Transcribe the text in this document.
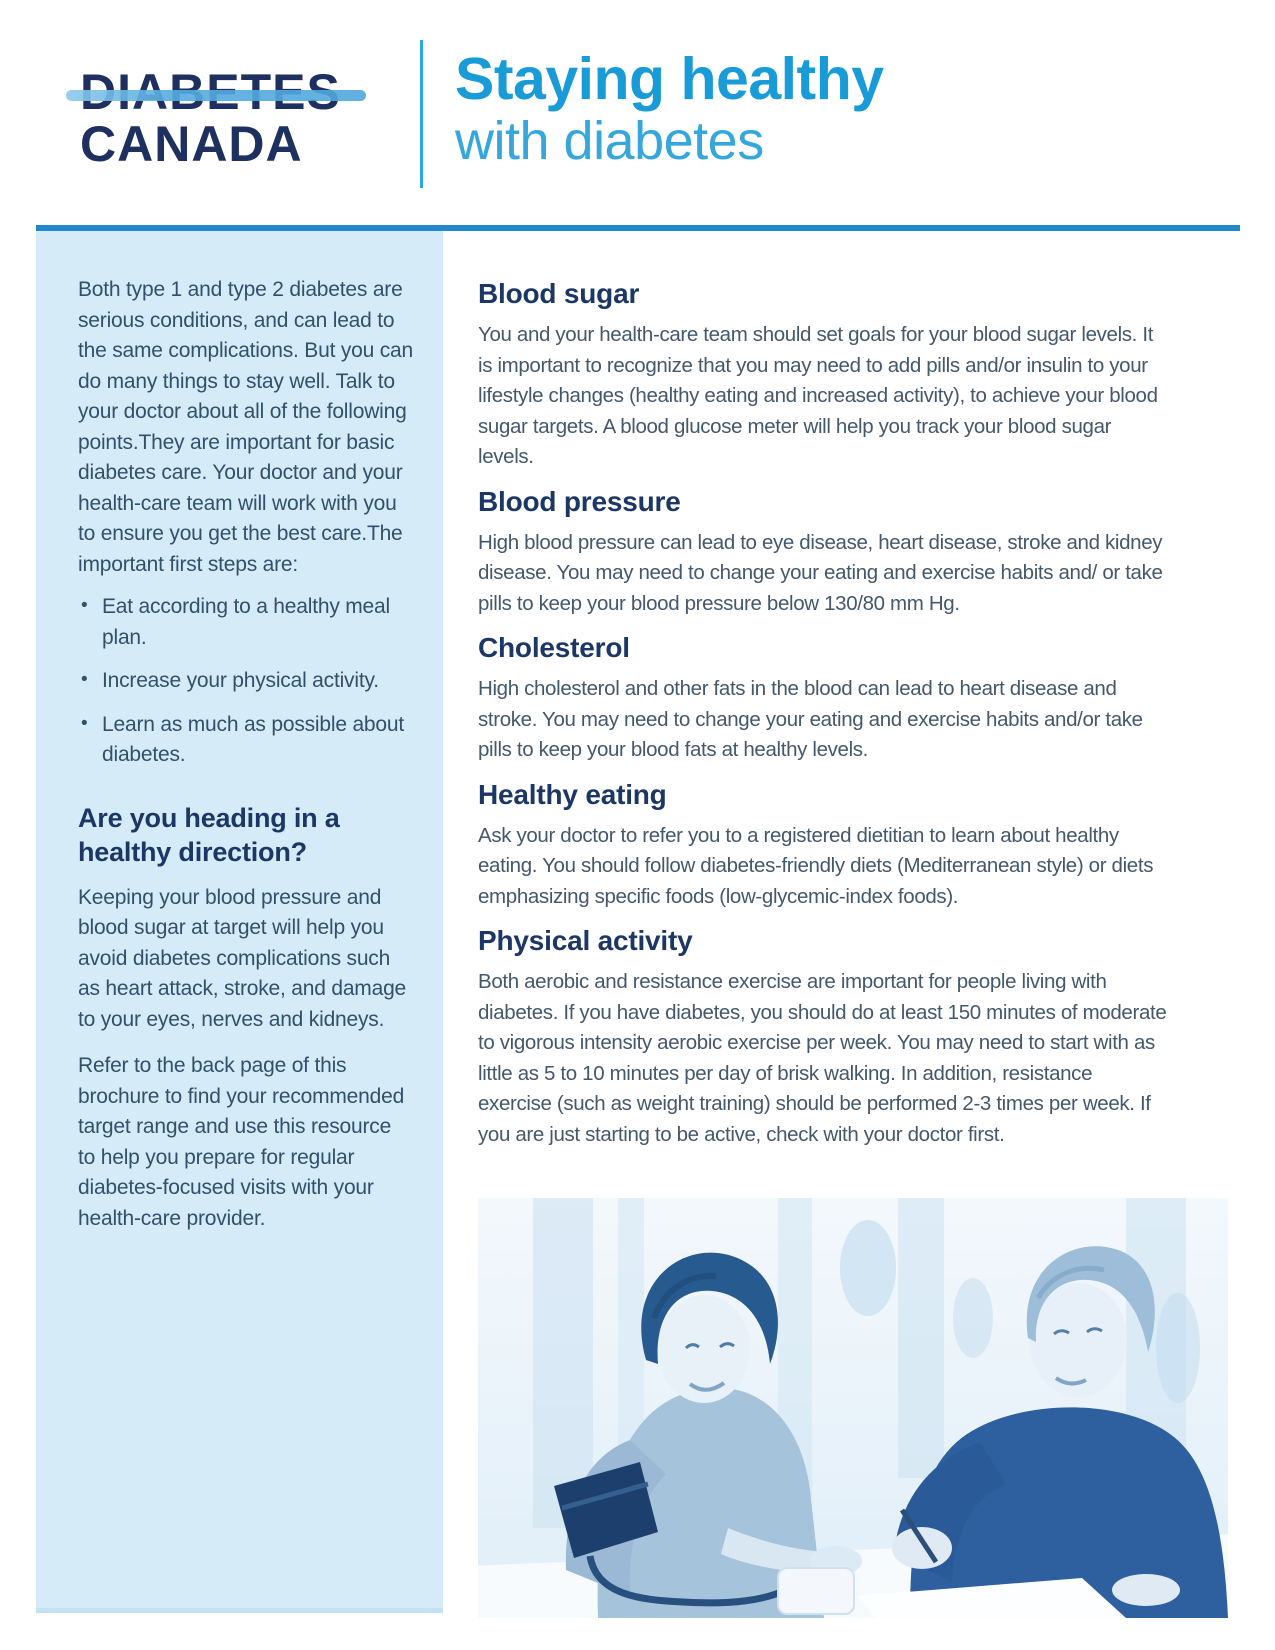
CANADA
Staying healthy
with diabetes

Both type 1 and type 2 diabetes are serious conditions, and can lead to the same complications. But you can do many things to stay well. Talk to your doctor about all of the following points.They are important for basic diabetes care. Your doctor and your health-care team will work with you to ensure you get the best care.The important first steps are:

• Eat according to a healthy meal plan.
• Increase your physical activity.
• Learn as much as possible about diabetes.
Are you heading in a healthy direction?

Keeping your blood pressure and blood sugar at target will help you avoid diabetes complications such as heart attack, stroke, and damage to your eyes, nerves and kidneys.

Refer to the back page of this brochure to find your recommended target range and use this resource to help you prepare for regular diabetes-focused visits with your health-care provider.

Blood sugar

You and your health-care team should set goals for your blood sugar levels. It is important to recognize that you may need to add pills and/or insulin to your lifestyle changes (healthy eating and increased activity), to achieve your blood sugar targets. A blood glucose meter will help you track your blood sugar levels.

Blood pressure

High blood pressure can lead to eye disease, heart disease, stroke and kidney disease. You may need to change your eating and exercise habits and/ or take pills to keep your blood pressure below 130/80 mm Hg.

Cholesterol

High cholesterol and other fats in the blood can lead to heart disease and stroke. You may need to change your eating and exercise habits and/or take pills to keep your blood fats at healthy levels.

Healthy eating

Ask your doctor to refer you to a registered dietitian to learn about healthy eating. You should follow diabetes-friendly diets (Mediterranean style) or diets emphasizing specific foods (low-glycemic-index foods).

Physical activity

Both aerobic and resistance exercise are important for people living with diabetes. If you have diabetes, you should do at least 150 minutes of moderate to vigorous intensity aerobic exercise per week. You may need to start with as little as 5 to 10 minutes per day of brisk walking. In addition, resistance exercise (such as weight training) should be performed 2-3 times per week. If you are just starting to be active, check with your doctor first.
